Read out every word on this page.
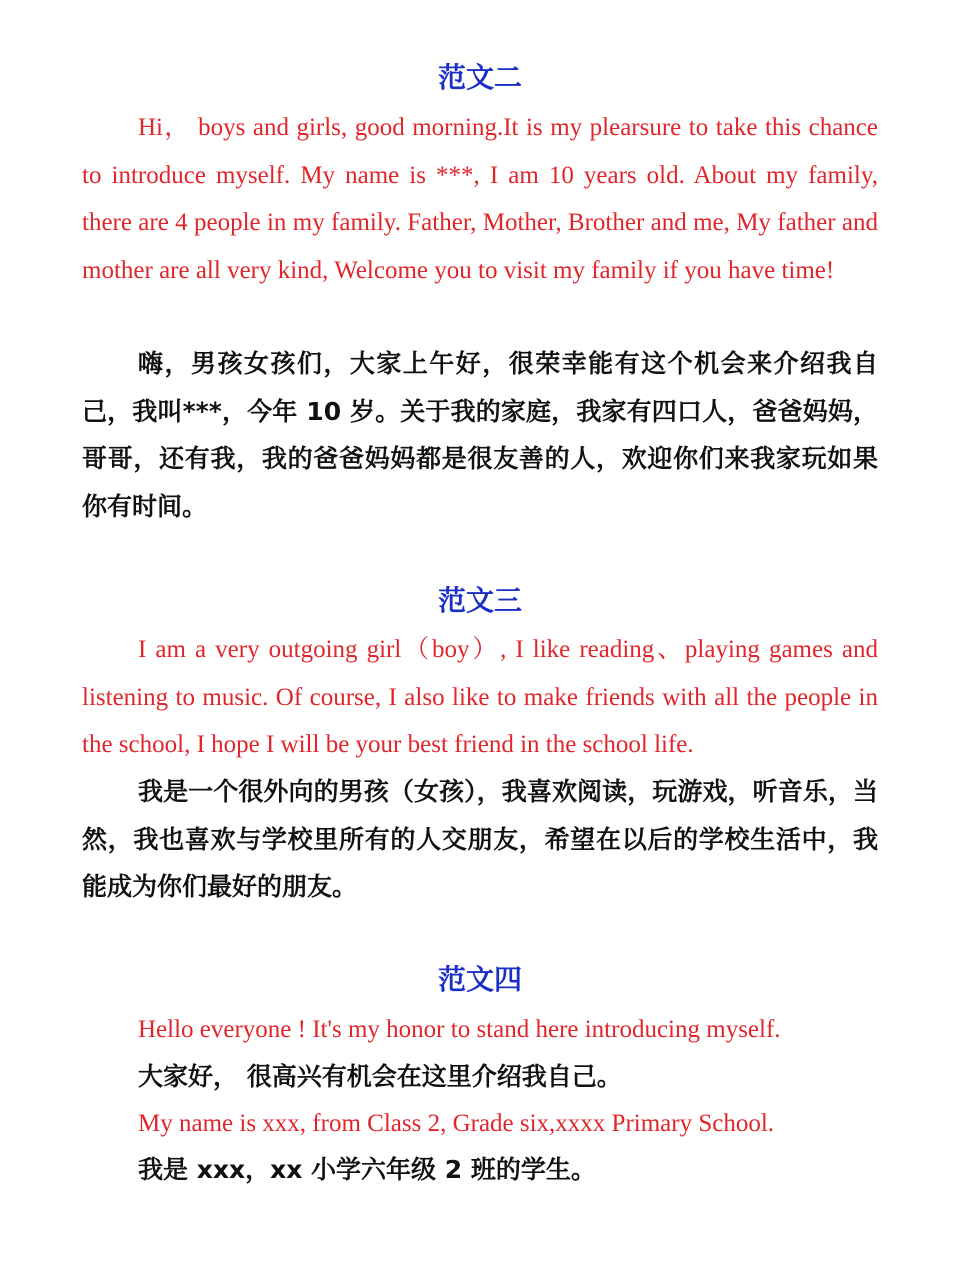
范文二

Hi， boys and girls, good morning.It is my plearsure to take this chance to introduce myself. My name is ***, I am 10 years old. About my family, there are 4 people in my family. Father, Mother, Brother and me, My father and mother are all very kind, Welcome you to visit my family if you have time!

嗨，男孩女孩们，大家上午好，很荣幸能有这个机会来介绍我自己，我叫***，今年 10 岁。关于我的家庭，我家有四口人，爸爸妈妈，哥哥，还有我，我的爸爸妈妈都是很友善的人，欢迎你们来我家玩如果你有时间。

范文三

I am a very outgoing girl（boy）, I like reading、playing games and listening to music. Of course, I also like to make friends with all the people in the school, I hope I will be your best friend in the school life.

我是一个很外向的男孩（女孩），我喜欢阅读，玩游戏，听音乐，当然，我也喜欢与学校里所有的人交朋友，希望在以后的学校生活中，我能成为你们最好的朋友。

范文四

Hello everyone ! It's my honor to stand here introducing myself.

大家好， 很高兴有机会在这里介绍我自己。

My name is xxx, from Class 2, Grade six,xxxx Primary School.

我是 xxx，xx 小学六年级 2 班的学生。
